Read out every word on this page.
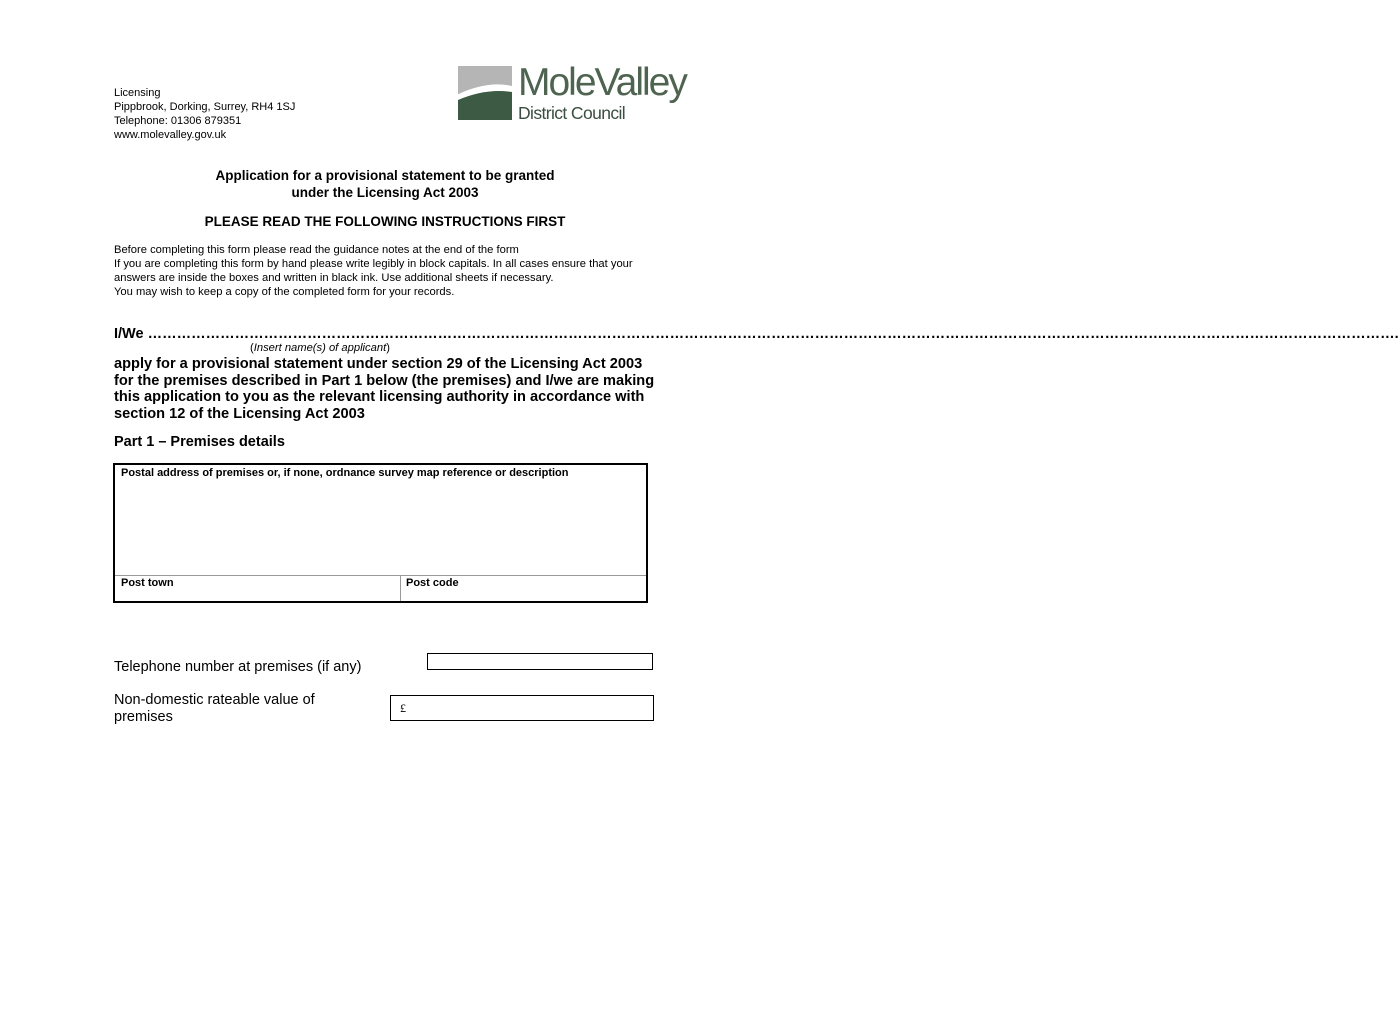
Licensing
Pippbrook, Dorking, Surrey, RH4 1SJ
Telephone: 01306 879351
www.molevalley.gov.uk
MoleValley
District Council
Application for a provisional statement to be granted
under the Licensing Act 2003
PLEASE READ THE FOLLOWING INSTRUCTIONS FIRST
Before completing this form please read the guidance notes at the end of the form
If you are completing this form by hand please write legibly in block capitals. In all cases ensure that your answers are inside the boxes and written in black ink. Use additional sheets if necessary.
You may wish to keep a copy of the completed form for your records.
I/We …………………………………………………………………………………………………………………………………………………………………………………………………………………………………….
(Insert name(s) of applicant)
apply for a provisional statement under section 29 of the Licensing Act 2003 for the premises described in Part 1 below (the premises) and I/we are making this application to you as the relevant licensing authority in accordance with section 12 of the Licensing Act 2003
Part 1 – Premises details
Postal address of premises or, if none, ordnance survey map reference or description
Post town	Post code
Telephone number at premises (if any)
Non-domestic rateable value of premises
£
